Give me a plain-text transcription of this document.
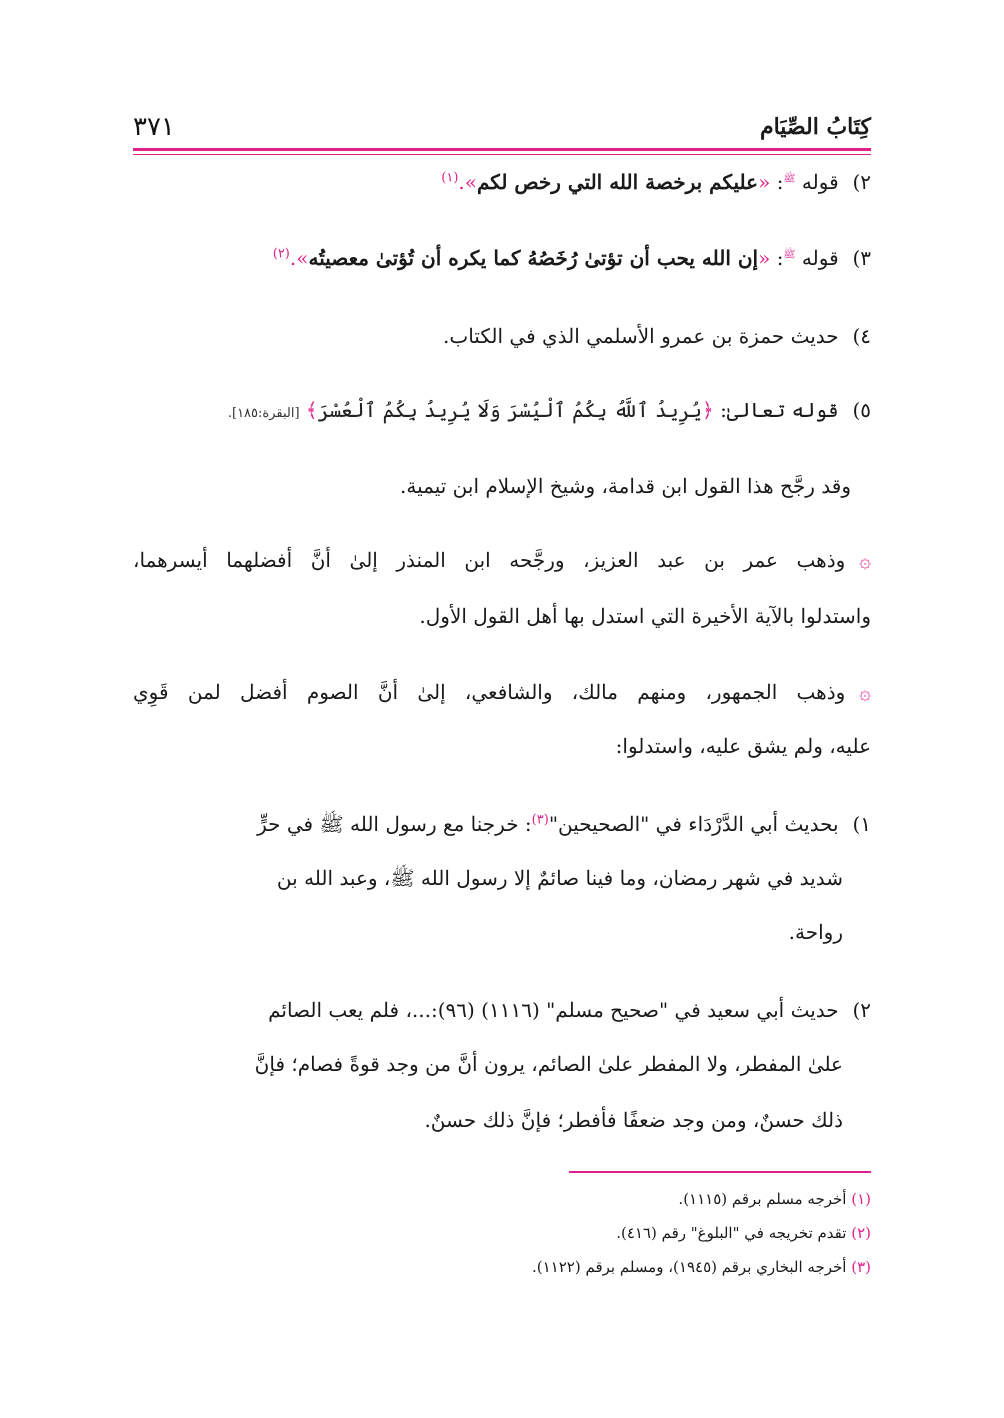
٣٧١	كِتَابُ الصِّيَام
٢) قوله $^ﷺ$: «عليكم برخصة الله التي رخص لكم».$^{(١)}$
٣) قوله $^ﷺ$: «إن الله يحب أن تؤتىٰ رُخَصُهُ كما يكره أن تُؤتىٰ معصيتُه».$^{(٢)}$
٤) حديث حمزة بن عمرو الأسلمي الذي في الكتاب.
٥) قوله تعالىٰ: ﴿يُرِيدُ ٱللَّهُ بِكُمُ ٱلْيُسْرَ وَلَا يُرِيدُ بِكُمُ ٱلْعُسْرَ﴾ [البقرة:١٨٥].
وقد رجَّح هذا القول ابن قدامة، وشيخ الإسلام ابن تيمية.
۞وذهب عمر بن عبد العزيز، ورجَّحه ابن المنذر إلىٰ أنَّ أفضلهما أيسرهما،
واستدلوا بالآية الأخيرة التي استدل بها أهل القول الأول.
۞وذهب الجمهور، ومنهم مالك، والشافعي، إلىٰ أنَّ الصوم أفضل لمن قَوِي
عليه، ولم يشق عليه، واستدلوا:
١) بحديث أبي الدَّرْدَاء في "الصحيحين"$^{(٣)}$: خرجنا مع رسول الله ﷺ في حرٍّ
شديد في شهر رمضان، وما فينا صائمٌ إلا رسول الله ﷺ، وعبد الله بن
رواحة.
٢) حديث أبي سعيد في "صحيح مسلم" (١١١٦) (٩٦):...، فلم يعب الصائم
علىٰ المفطر، ولا المفطر علىٰ الصائم، يرون أنَّ من وجد قوةً فصام؛ فإنَّ
ذلك حسنٌ، ومن وجد ضعفًا فأفطر؛ فإنَّ ذلك حسنٌ.
(١) أخرجه مسلم برقم (١١١٥).
(٢) تقدم تخريجه في "البلوغ" رقم (٤١٦).
(٣) أخرجه البخاري برقم (١٩٤٥)، ومسلم برقم (١١٢٢).
